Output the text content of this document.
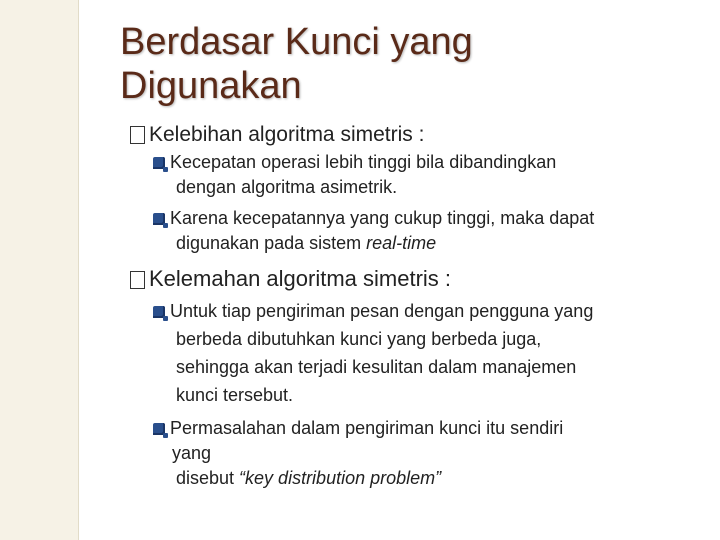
Berdasar Kunci yang
Digunakan
Kelebihan algoritma simetris :
Kecepatan operasi lebih tinggi bila dibandingkan
dengan algoritma asimetrik.
Karena kecepatannya yang cukup tinggi, maka dapat
digunakan pada sistem real-time
Kelemahan algoritma simetris :
Untuk tiap pengiriman pesan dengan pengguna yang
berbeda dibutuhkan kunci yang berbeda juga,
sehingga akan terjadi kesulitan dalam manajemen
kunci tersebut.
Permasalahan dalam pengiriman kunci itu sendiri
yang
disebut “key distribution problem”
